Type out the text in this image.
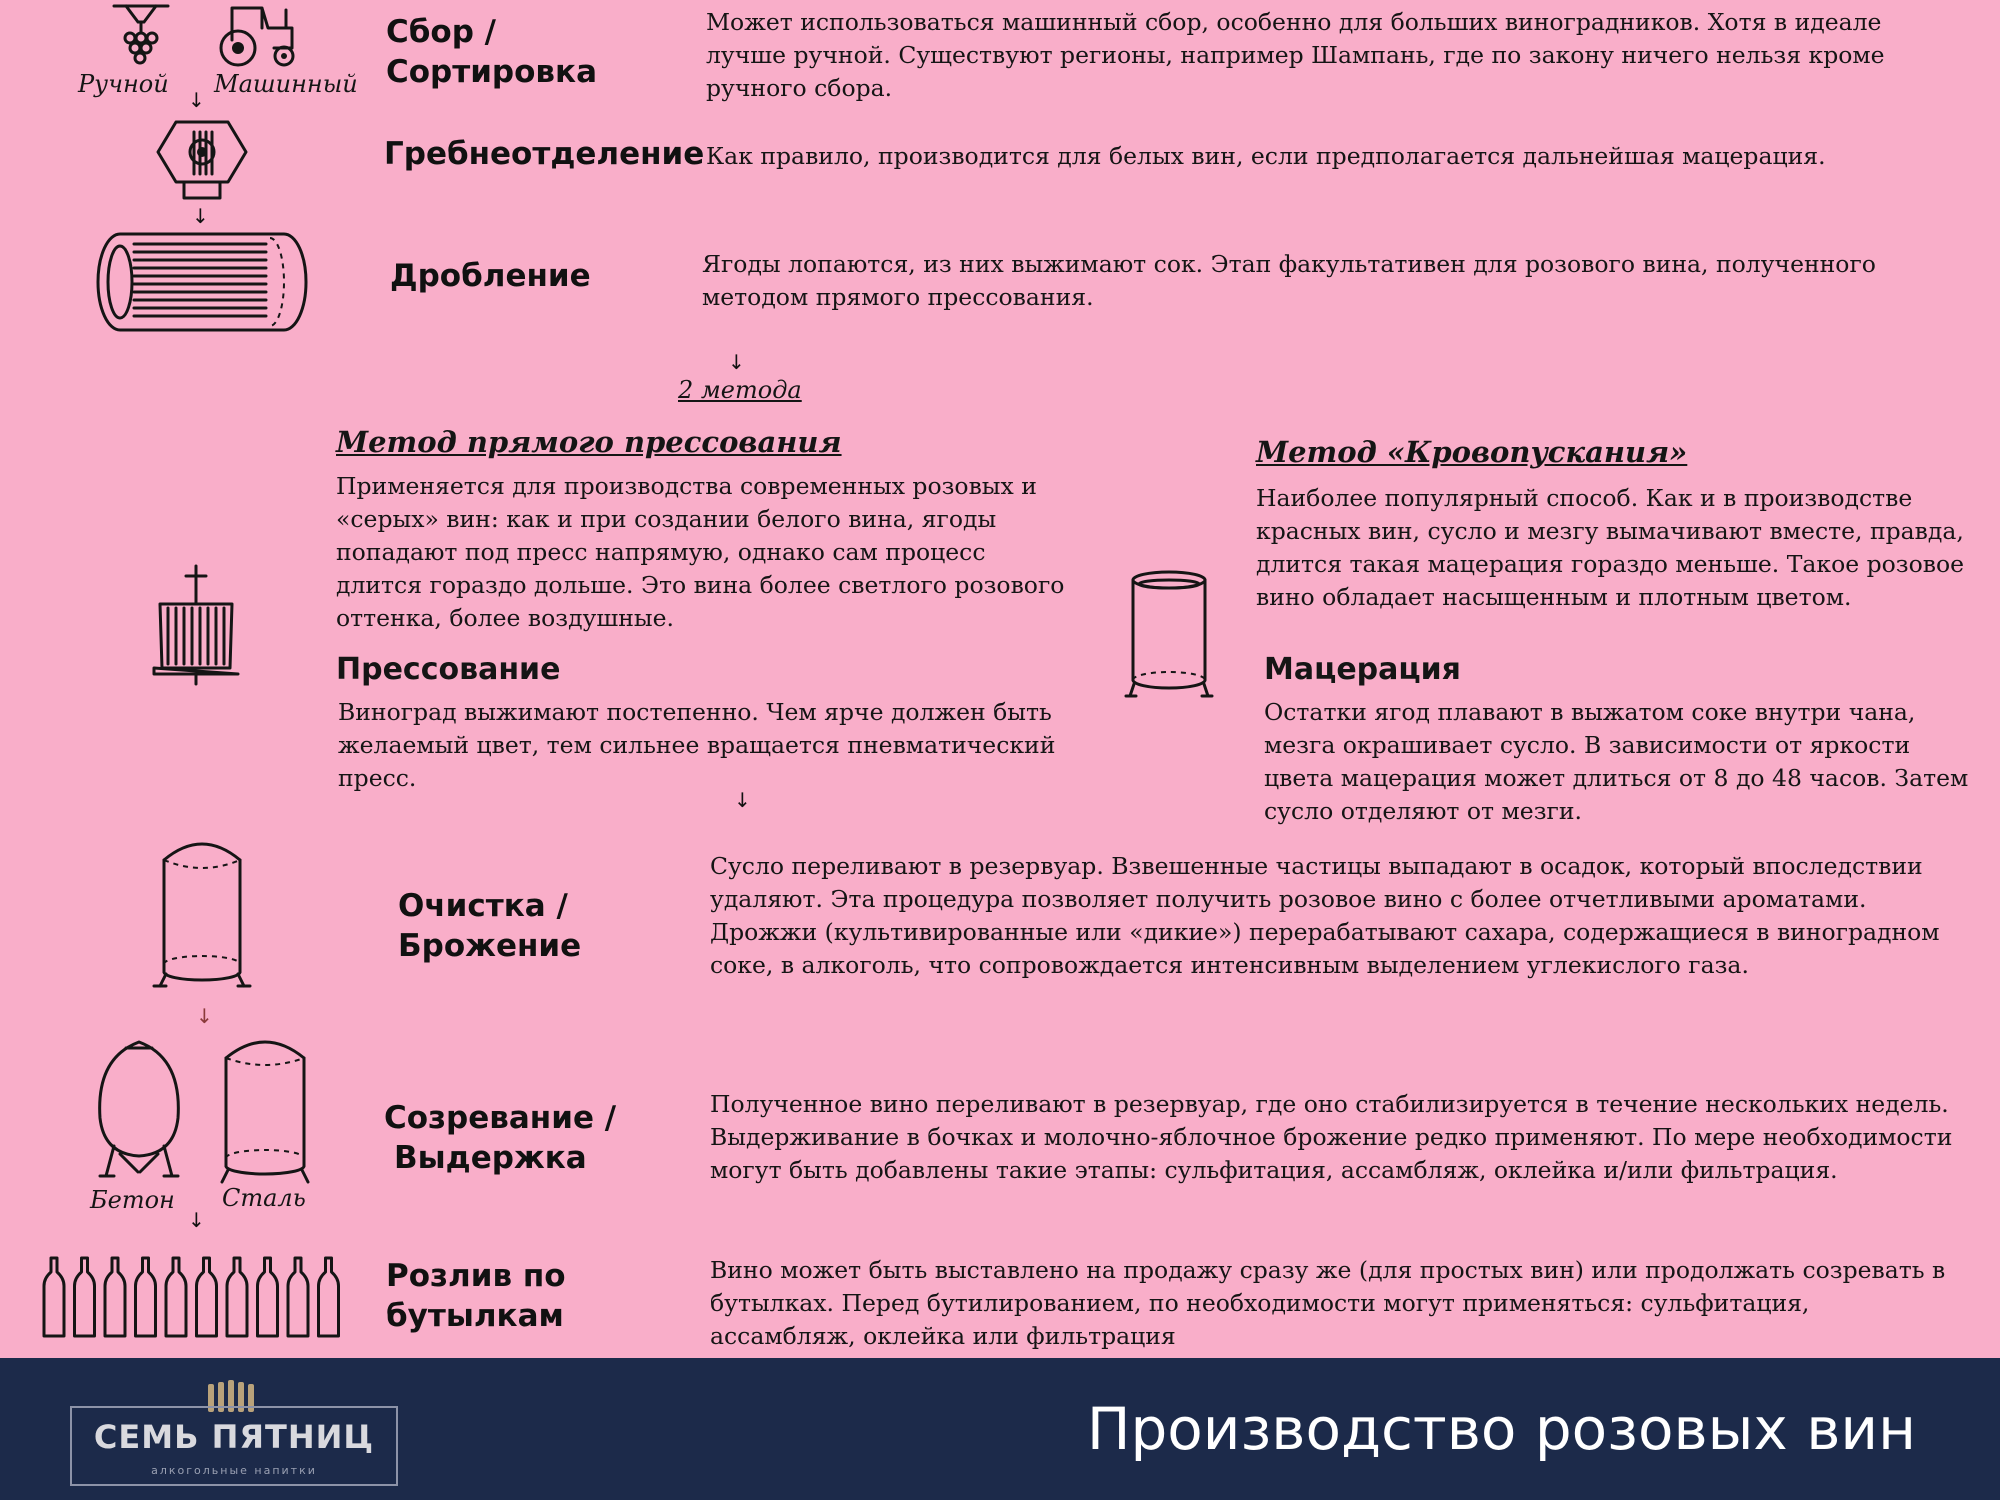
Ручной Машинный
Сбор /
Сортировка
Может использоваться машинный сбор, особенно для больших виноградников. Хотя в идеале лучше ручной. Существуют регионы, например Шампань, где по закону ничего нельзя кроме ручного сбора.
↓
Гребнеотделение Как правило, производится для белых вин, если предполагается дальнейшая мацерация.
↓
Дробление	Ягоды лопаются, из них выжимают сок. Этап факультативен для розового вина, полученного методом прямого прессования.
↓
2 метода
Метод прямого прессования
Применяется для производства современных розовых и «серых» вин: как и при создании белого вина, ягоды попадают под пресс напрямую, однако сам процесс длится гораздо дольше. Это вина более светлого розового оттенка, более воздушные.
Прессование
Виноград выжимают постепенно. Чем ярче должен быть желаемый цвет, тем сильнее вращается пневматический пресс.
↓
Метод «Кровопускания»
Наиболее популярный способ. Как и в производстве красных вин, сусло и мезгу вымачивают вместе, правда, длится такая мацерация гораздо меньше. Такое розовое вино обладает насыщенным и плотным цветом.
Мацерация
Остатки ягод плавают в выжатом соке внутри чана, мезга окрашивает сусло. В зависимости от яркости цвета мацерация может длиться от 8 до 48 часов. Затем сусло отделяют от мезги.
Очистка /
Брожение
Сусло переливают в резервуар. Взвешенные частицы выпадают в осадок, который впоследствии удаляют. Эта процедура позволяет получить розовое вино с более отчетливыми ароматами.
Дрожжи (культивированные или «дикие») перерабатывают сахара, содержащиеся в виноградном соке, в алкоголь, что сопровождается интенсивным выделением углекислого газа.
↓
Бетон Сталь
Созревание /
Выдержка
Полученное вино переливают в резервуар, где оно стабилизируется в течение нескольких недель. Выдерживание в бочках и молочно-яблочное брожение редко применяют. По мере необходимости могут быть добавлены такие этапы: сульфитация, ассамбляж, оклейка и/или фильтрация.
↓
Розлив по
бутылкам
Вино может быть выставлено на продажу сразу же (для простых вин) или продолжать созревать в бутылках. Перед бутилированием, по необходимости могут применяться: сульфитация, ассамбляж, оклейка или фильтрация
СЕМЬ ПЯТНИЦ
алкогольные напитки
Производство розовых вин
